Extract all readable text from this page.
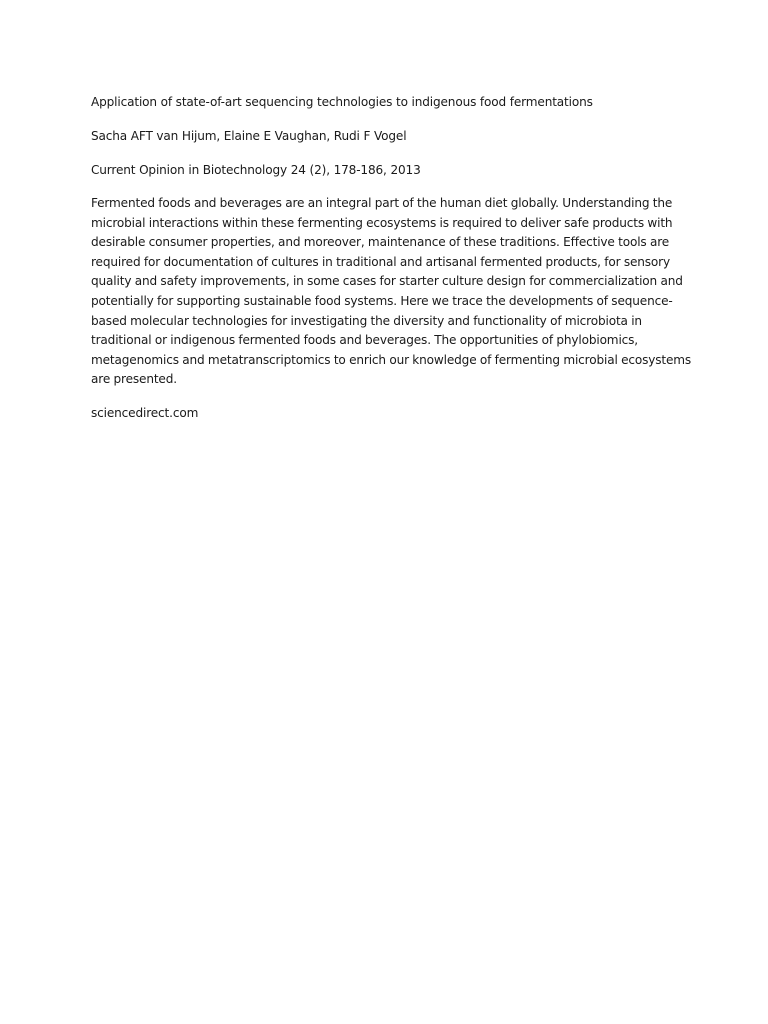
Application of state-of-art sequencing technologies to indigenous food fermentations
Sacha AFT van Hijum, Elaine E Vaughan, Rudi F Vogel
Current Opinion in Biotechnology 24 (2), 178-186, 2013
Fermented foods and beverages are an integral part of the human diet globally. Understanding the microbial interactions within these fermenting ecosystems is required to deliver safe products with desirable consumer properties, and moreover, maintenance of these traditions. Effective tools are required for documentation of cultures in traditional and artisanal fermented products, for sensory quality and safety improvements, in some cases for starter culture design for commercialization and potentially for supporting sustainable food systems. Here we trace the developments of sequence-based molecular technologies for investigating the diversity and functionality of microbiota in traditional or indigenous fermented foods and beverages. The opportunities of phylobiomics, metagenomics and metatranscriptomics to enrich our knowledge of fermenting microbial ecosystems are presented.
sciencedirect.com
